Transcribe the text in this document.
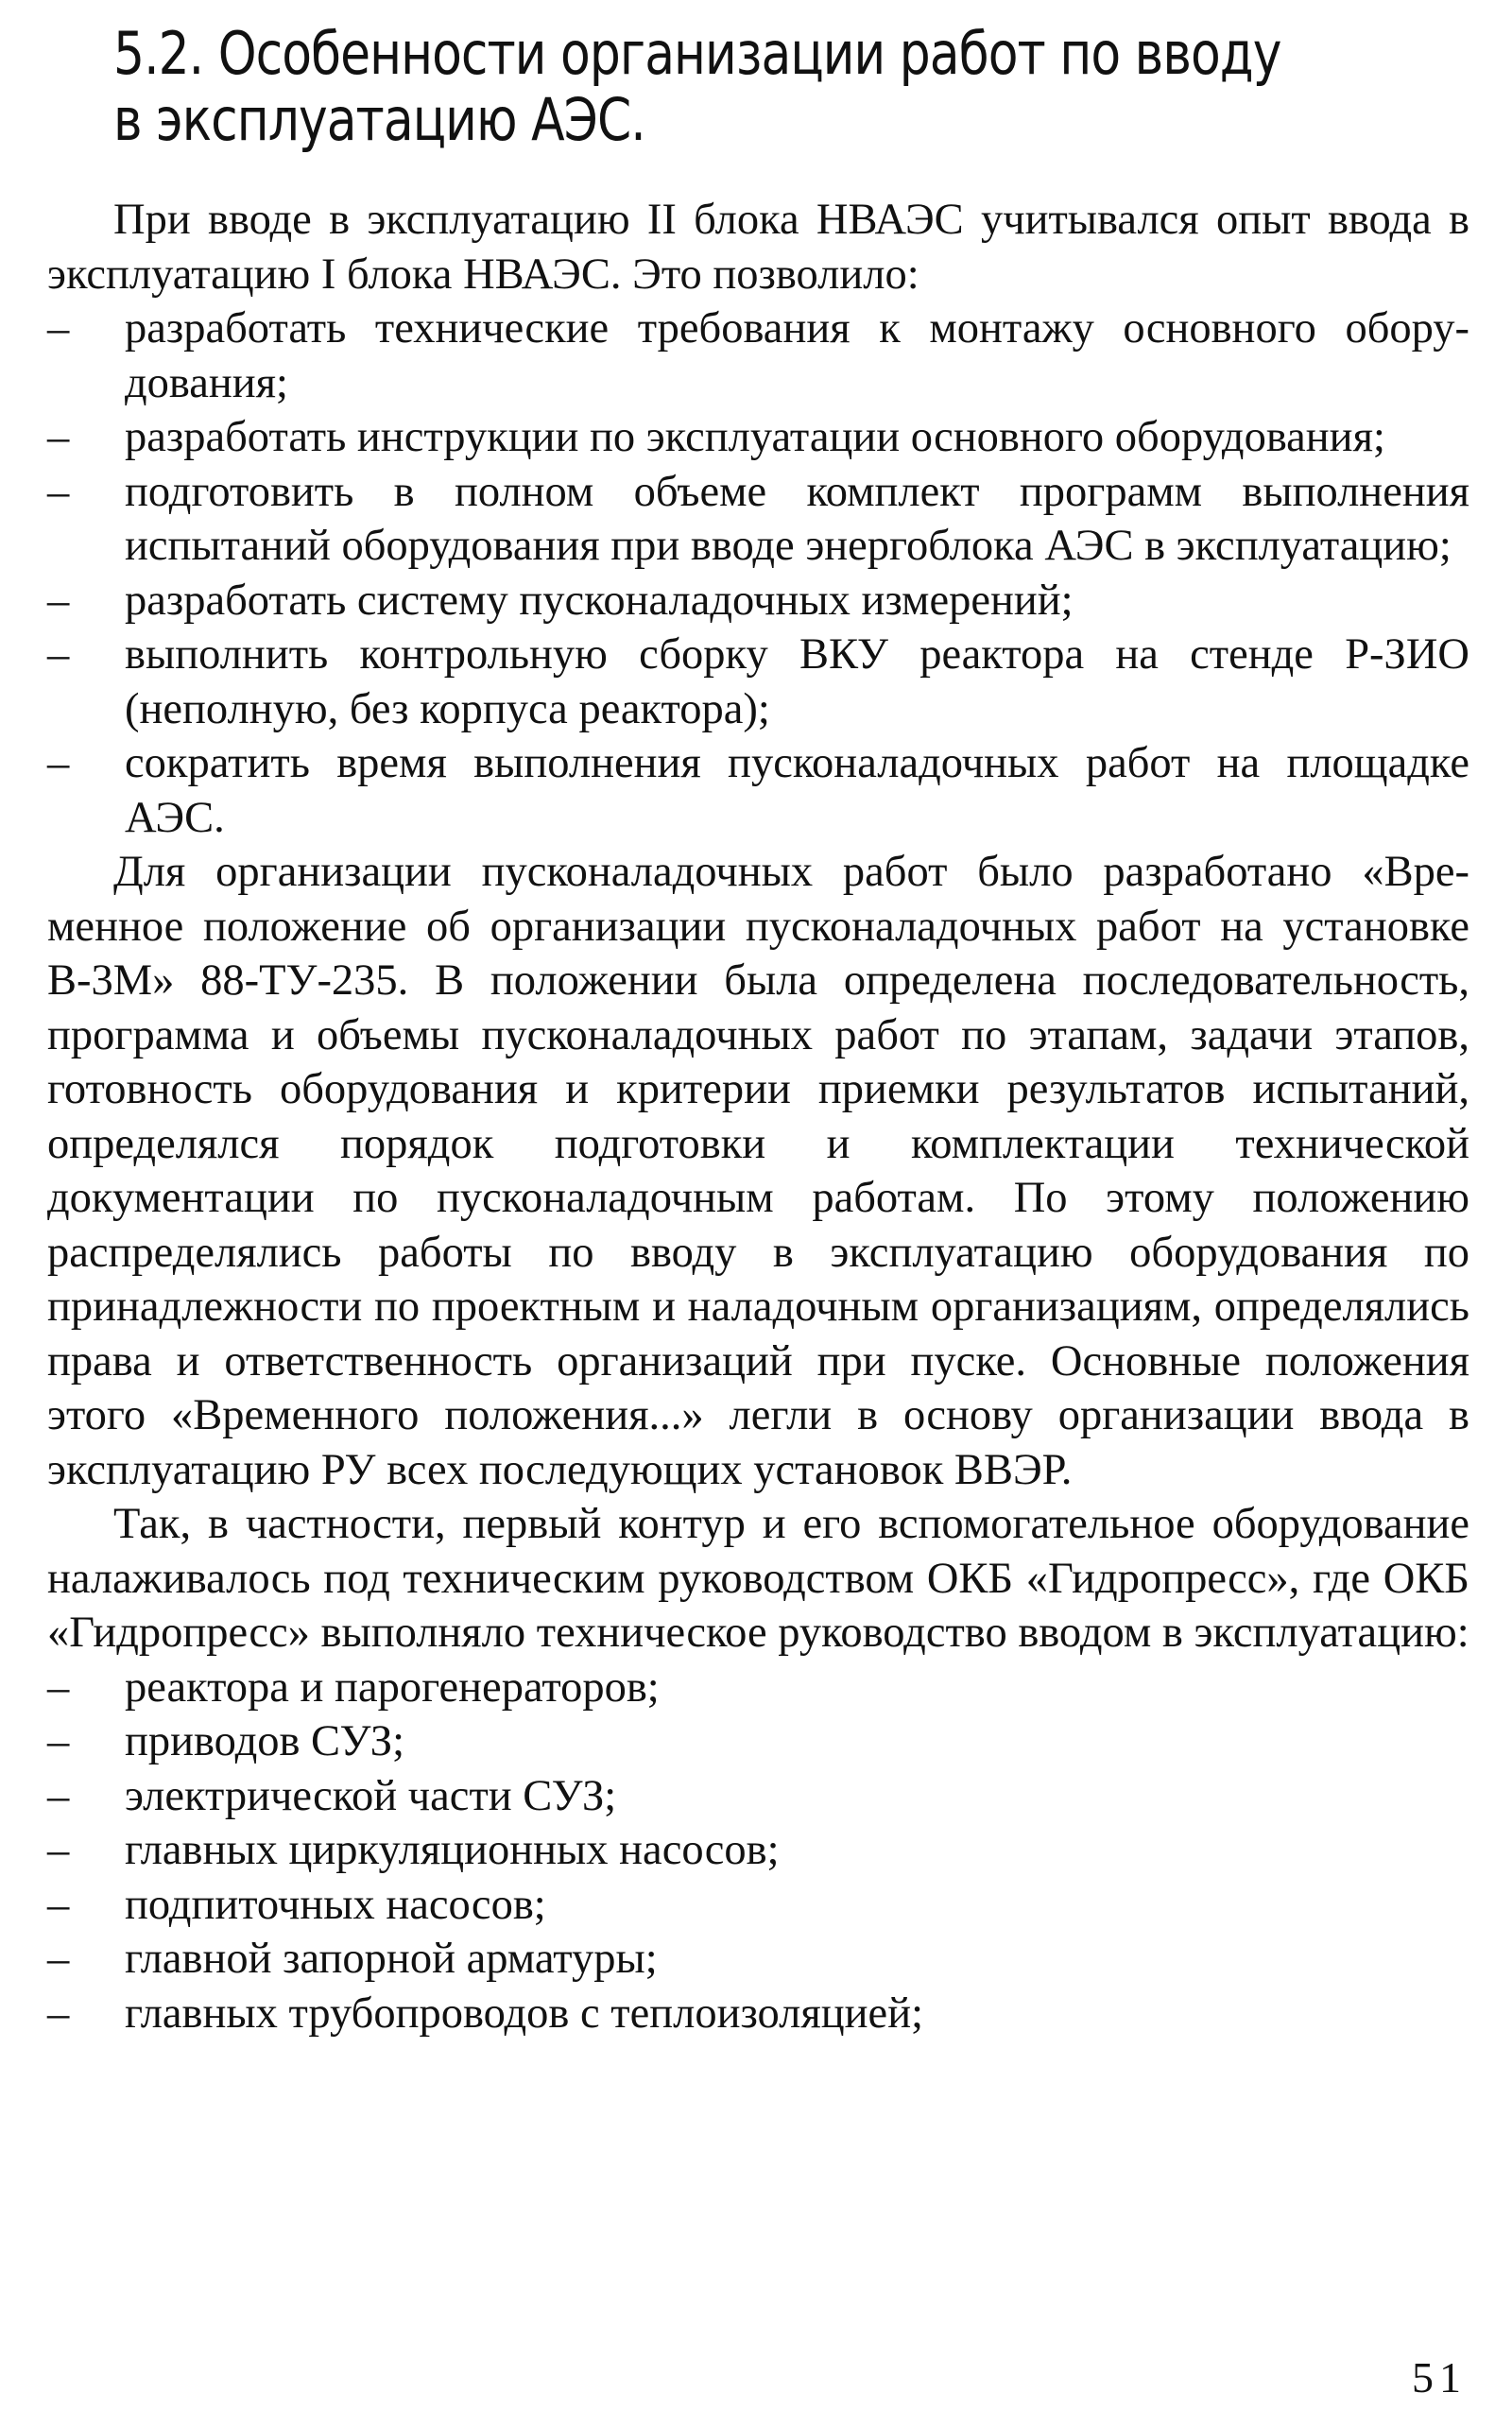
5.2. Особенности организации работ по вводу
в эксплуатацию АЭС.

При вводе в эксплуатацию II блока НВАЭС учитывался опыт ввода в эксплуатацию I блока НВАЭС. Это позволило:

–	разработать технические требования к монтажу основного оборудования;
–	разработать инструкции по эксплуатации основного оборудования;
–	подготовить в полном объеме комплект программ выполнения испытаний оборудования при вводе энергоблока АЭС в эксплуатацию;
–	разработать систему пусконаладочных измерений;
–	выполнить контрольную сборку ВКУ реактора на стенде Р-ЗИО (неполную, без корпуса реактора);
–	сократить время выполнения пусконаладочных работ на площадке АЭС.

Для организации пусконаладочных работ было разработано «Временное положение об организации пусконаладочных работ на установке В-3М» 88-ТУ-235. В положении была определена последовательность, программа и объемы пусконаладочных работ по этапам, задачи этапов, готовность оборудования и критерии приемки результатов испытаний, определялся порядок подготовки и комплектации технической документации по пусконаладочным работам. По этому положению распределялись работы по вводу в эксплуатацию оборудования по принадлежности по проектным и наладочным организациям, определялись права и ответственность организаций при пуске. Основные положения этого «Временного положения...» легли в основу организации ввода в эксплуатацию РУ всех последующих установок ВВЭР.

Так, в частности, первый контур и его вспомогательное оборудование налаживалось под техническим руководством ОКБ «Гидропресс», где ОКБ «Гидропресс» выполняло техническое руководство вводом в эксплуатацию:

–	реактора и парогенераторов;
–	приводов СУЗ;
–	электрической части СУЗ;
–	главных циркуляционных насосов;
–	подпиточных насосов;
–	главной запорной арматуры;
–	главных трубопроводов с теплоизоляцией;
51
